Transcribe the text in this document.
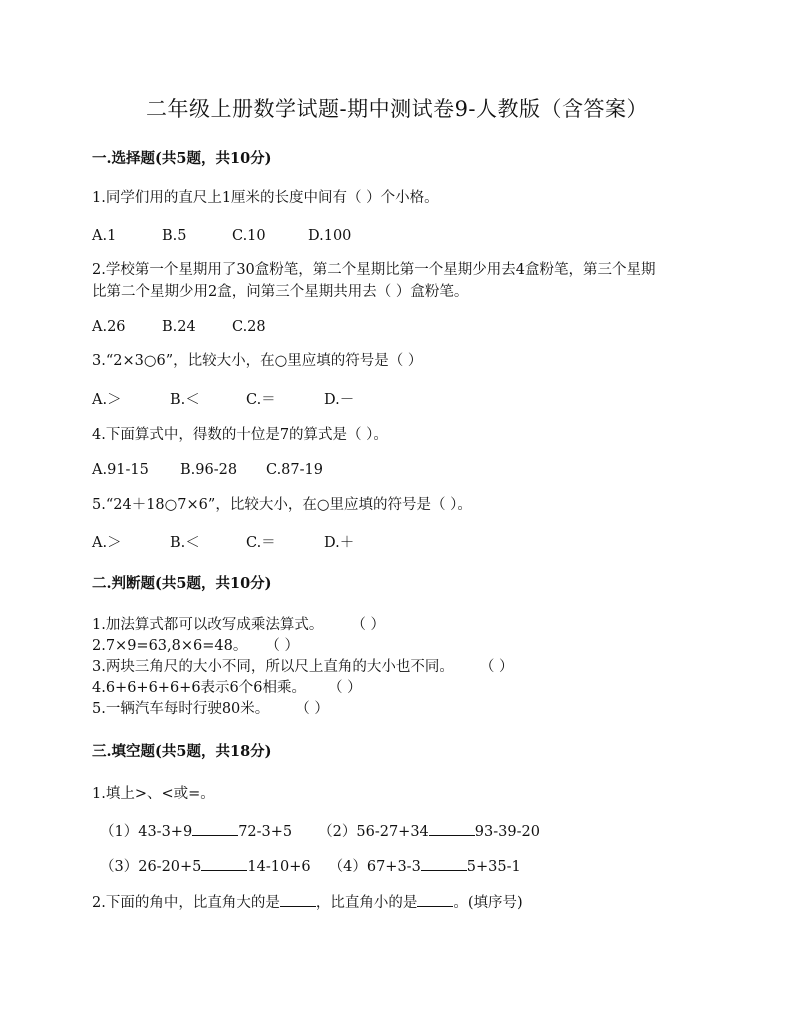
二年级上册数学试题-期中测试卷9-人教版（含答案）
一.选择题(共5题，共10分)
1.同学们用的直尺上1厘米的长度中间有（ ）个小格。
A.1	B.5	C.10	D.100
2.学校第一个星期用了30盒粉笔，第二个星期比第一个星期少用去4盒粉笔，第三个星期
比第二个星期少用2盒，问第三个星期共用去（ ）盒粉笔。
A.26	B.24	C.28
3.“2×3○6”，比较大小，在○里应填的符号是（ ）
A.＞	B.＜	C.＝	D.－
4.下面算式中，得数的十位是7的算式是（ ）。
A.91-15	B.96-28	C.87-19
5.“24＋18○7×6”，比较大小，在○里应填的符号是（ ）。
A.＞	B.＜	C.＝	D.＋
二.判断题(共5题，共10分)
1.加法算式都可以改写成乘法算式。 （ ）
2.7×9=63,8×6=48。 （ ）
3.两块三角尺的大小不同，所以尺上直角的大小也不同。 （ ）
4.6+6+6+6+6表示6个6相乘。 （ ）
5.一辆汽车每时行驶80米。 （ ）
三.填空题(共5题，共18分)
1.填上>、<或=。
（1）43-3+9	72-3+5 （2）56-27+34	93-39-20
（3）26-20+5	14-10+6 （4）67+3-3	5+35-1
2.下面的角中，比直角大的是 ，比直角小的是 。(填序号)
